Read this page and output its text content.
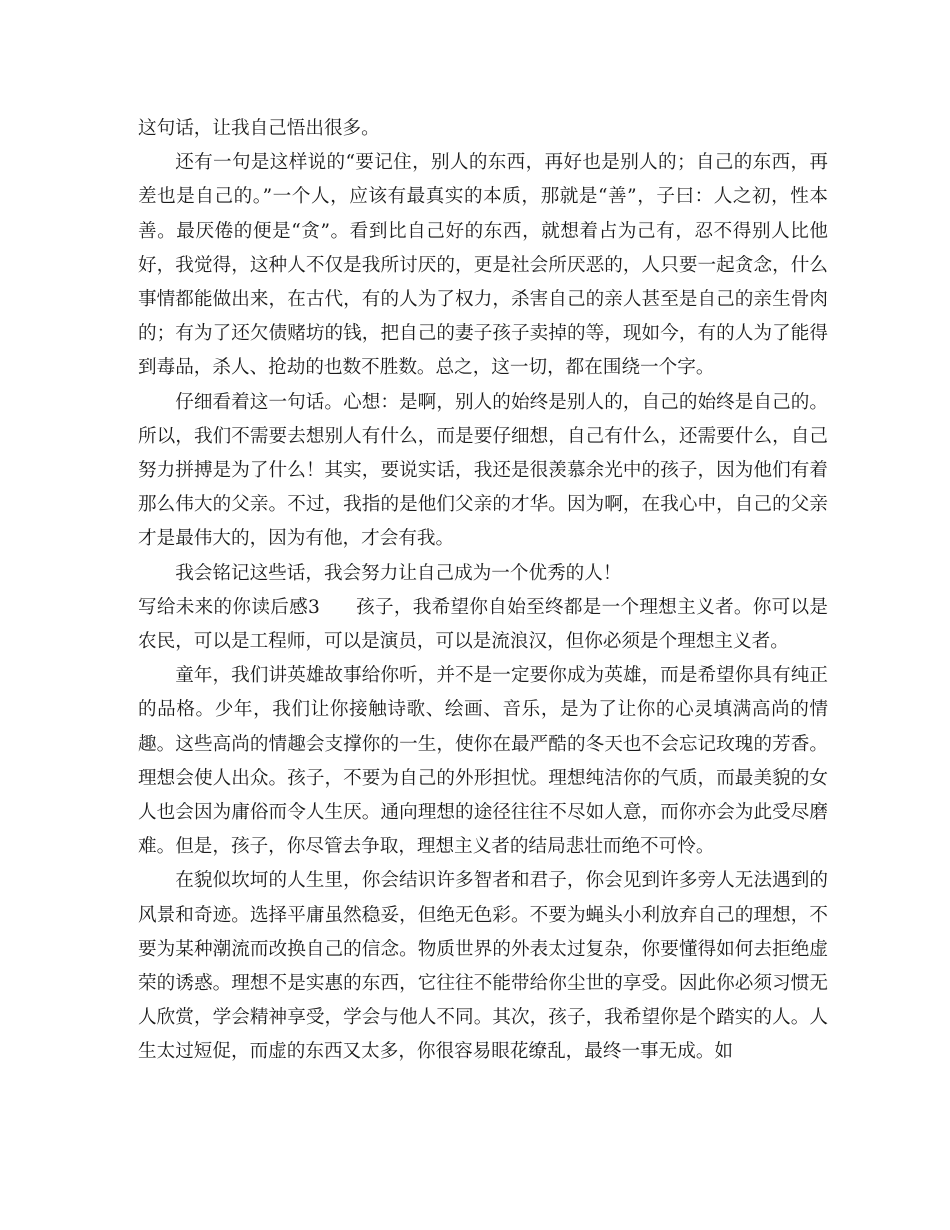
这句话，让我自己悟出很多。

还有一句是这样说的“要记住，别人的东西，再好也是别人的；自己的东西，再差也是自己的。”一个人，应该有最真实的本质，那就是“善”，子曰：人之初，性本善。最厌倦的便是“贪”。看到比自己好的东西，就想着占为己有，忍不得别人比他好，我觉得，这种人不仅是我所讨厌的，更是社会所厌恶的，人只要一起贪念，什么事情都能做出来，在古代，有的人为了权力，杀害自己的亲人甚至是自己的亲生骨肉的；有为了还欠债赌坊的钱，把自己的妻子孩子卖掉的等，现如今，有的人为了能得到毒品，杀人、抢劫的也数不胜数。总之，这一切，都在围绕一个字。

仔细看着这一句话。心想：是啊，别人的始终是别人的，自己的始终是自己的。所以，我们不需要去想别人有什么，而是要仔细想，自己有什么，还需要什么，自己努力拼搏是为了什么！其实，要说实话，我还是很羡慕余光中的孩子，因为他们有着那么伟大的父亲。不过，我指的是他们父亲的才华。因为啊，在我心中，自己的父亲才是最伟大的，因为有他，才会有我。

我会铭记这些话，我会努力让自己成为一个优秀的人！

写给未来的你读后感3 孩子，我希望你自始至终都是一个理想主义者。你可以是农民，可以是工程师，可以是演员，可以是流浪汉，但你必须是个理想主义者。

童年，我们讲英雄故事给你听，并不是一定要你成为英雄，而是希望你具有纯正的品格。少年，我们让你接触诗歌、绘画、音乐，是为了让你的心灵填满高尚的情趣。这些高尚的情趣会支撑你的一生，使你在最严酷的冬天也不会忘记玫瑰的芳香。理想会使人出众。孩子，不要为自己的外形担忧。理想纯洁你的气质，而最美貌的女人也会因为庸俗而令人生厌。通向理想的途径往往不尽如人意，而你亦会为此受尽磨难。但是，孩子，你尽管去争取，理想主义者的结局悲壮而绝不可怜。

在貌似坎坷的人生里，你会结识许多智者和君子，你会见到许多旁人无法遇到的风景和奇迹。选择平庸虽然稳妥，但绝无色彩。不要为蝇头小利放弃自己的理想，不要为某种潮流而改换自己的信念。物质世界的外表太过复杂，你要懂得如何去拒绝虚荣的诱惑。理想不是实惠的东西，它往往不能带给你尘世的享受。因此你必须习惯无人欣赏，学会精神享受，学会与他人不同。其次，孩子，我希望你是个踏实的人。人生太过短促，而虚的东西又太多，你很容易眼花缭乱，最终一事无成。如
